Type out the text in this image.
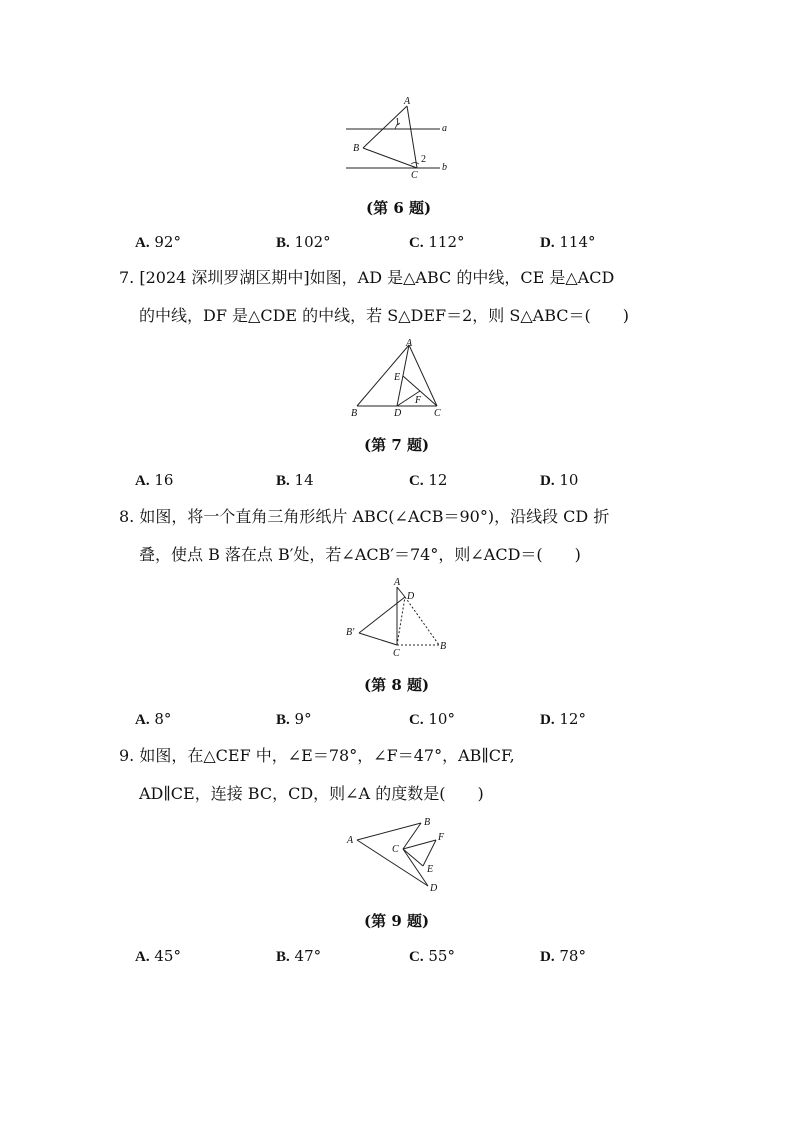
A
B
C
a
b
1
2
(第 6 题)
A. 92°	B. 102°	C. 112°	D. 114°
7. [2024 深圳罗湖区期中]如图，AD 是△ABC 的中线，CE 是△ACD
的中线，DF 是△CDE 的中线，若 S△DEF＝2，则 S△ABC＝(　　)
A
B	D	C
E
F
(第 7 题)
A. 16	B. 14	C. 12	D. 10
8. 如图，将一个直角三角形纸片 ABC(∠ACB＝90°)，沿线段 CD 折
叠，使点 B 落在点 B′处，若∠ACB′＝74°，则∠ACD＝(　　)
A
D
B′
C
B
(第 8 题)
A. 8°	B. 9°	C. 10°	D. 12°
9. 如图，在△CEF 中，∠E＝78°，∠F＝47°，AB∥CF,
AD∥CE，连接 BC，CD，则∠A 的度数是(　　)
A
B
C
F
E
D
(第 9 题)
A. 45°	B. 47°	C. 55°	D. 78°
